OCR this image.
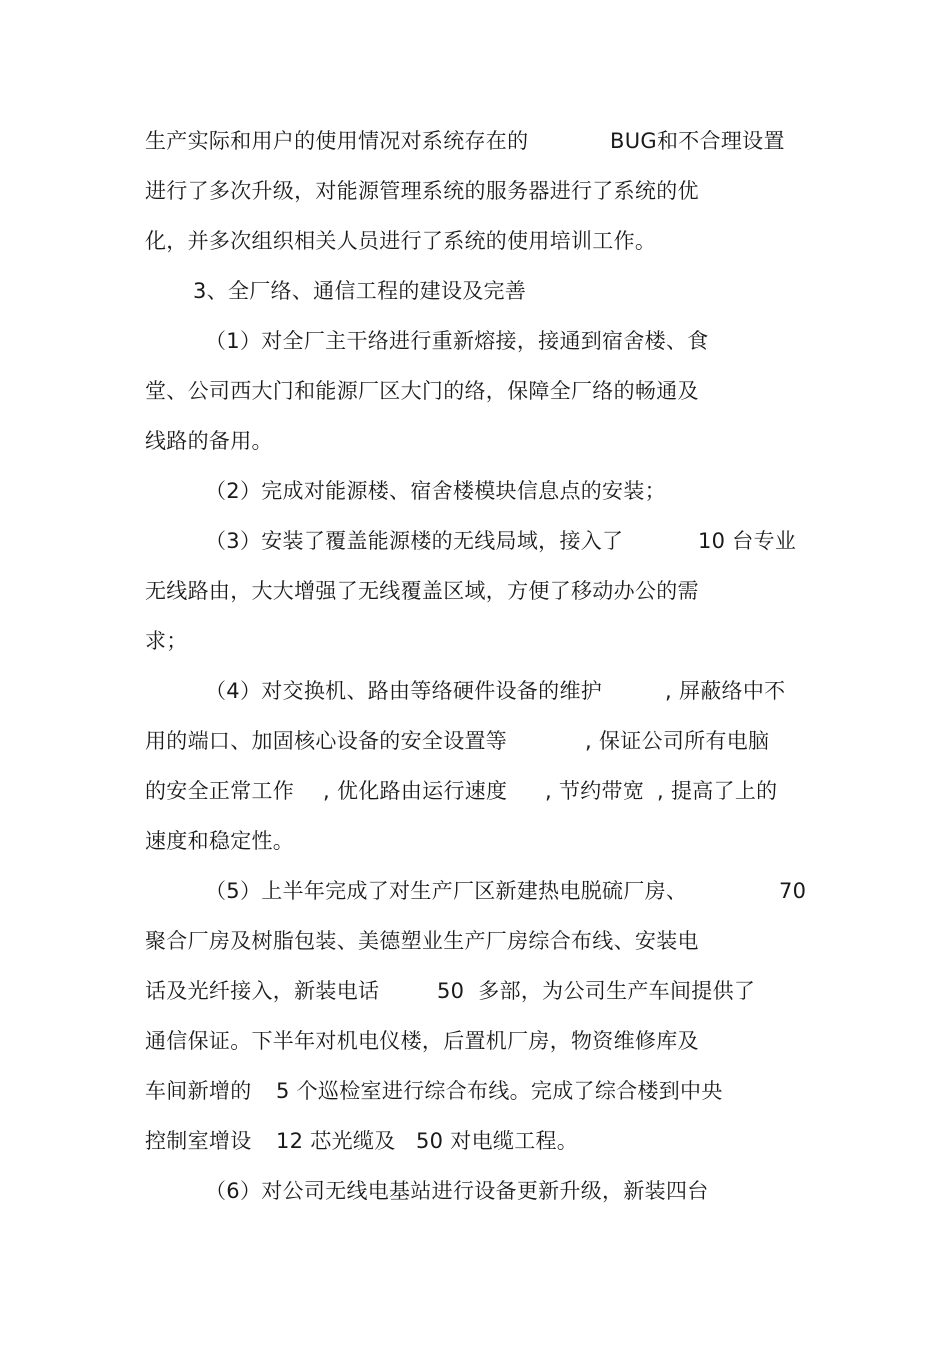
生产实际和用户的使用情况对系统存在的

	BUG和不合理设置

进行了多次升级，对能源管理系统的服务器进行了系统的优

化，并多次组织相关人员进行了系统的使用培训工作。

3、全厂络、通信工程的建设及完善

（1）对全厂主干络进行重新熔接，接通到宿舍楼、食

堂、公司西大门和能源厂区大门的络，保障全厂络的畅通及

线路的备用。

（2）完成对能源楼、宿舍楼模块信息点的安装；

（3）安装了覆盖能源楼的无线局域，接入了

	10 台专业

无线路由，大大增强了无线覆盖区域，方便了移动办公的需

求；

（4）对交换机、路由等络硬件设备的维护

	, 屏蔽络中不

用的端口、加固核心设备的安全设置等

	, 保证公司所有电脑

的安全正常工作

, 优化路由运行速度

, 节约带宽

, 提高了上的

速度和稳定性。

（5）上半年完成了对生产厂区新建热电脱硫厂房、

	70

聚合厂房及树脂包装、美德塑业生产厂房综合布线、安装电

话及光纤接入，新装电话

	50  多部，为公司生产车间提供了

通信保证。下半年对机电仪楼，后置机厂房，物资维修库及

车间新增的

5 个巡检室进行综合布线。完成了综合楼到中央

控制室增设

12 芯光缆及

50 对电缆工程。

（6）对公司无线电基站进行设备更新升级，新装四台
